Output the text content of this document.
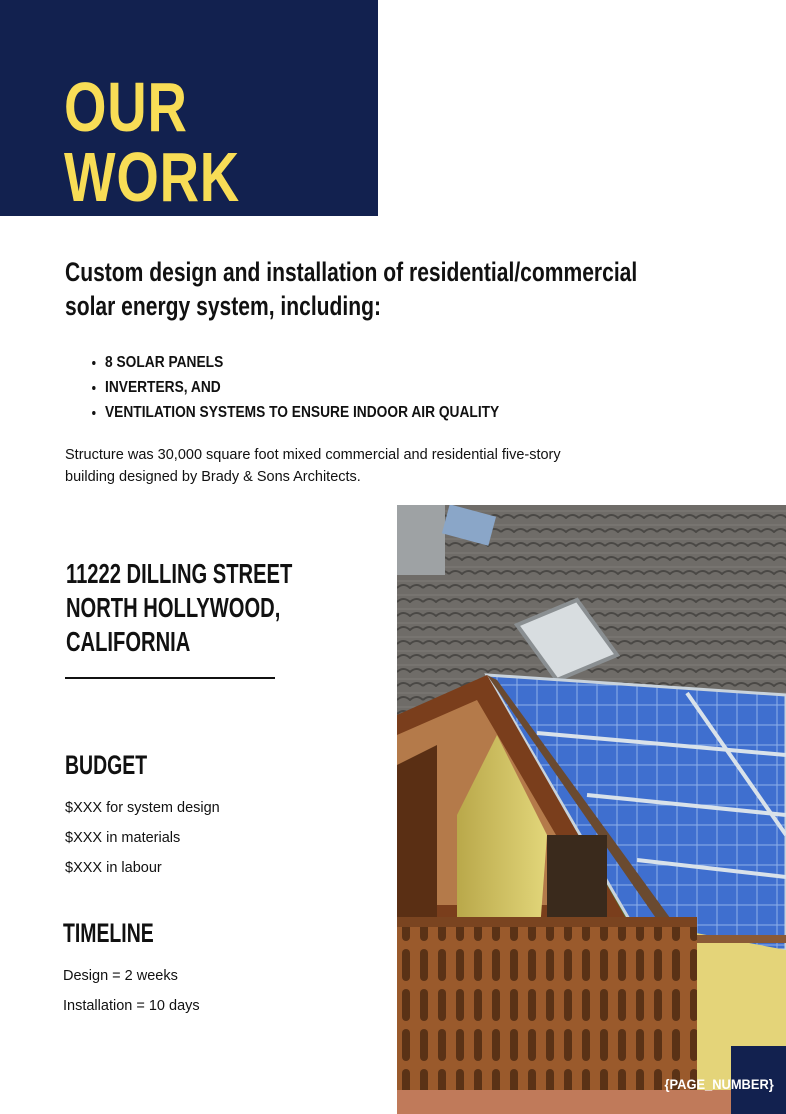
OUR
WORK
Custom design and installation of residential/commercial solar energy system, including:
• 8 SOLAR PANELS
• INVERTERS, AND
• VENTILATION SYSTEMS TO ENSURE INDOOR AIR QUALITY

Structure was 30,000 square foot mixed commercial and residential five-story building designed by Brady & Sons Architects.

11222 DILLING STREET
NORTH HOLLYWOOD,
CALIFORNIA
BUDGET
$XXX for system design
$XXX in materials
$XXX in labour
TIMELINE
Design = 2 weeks
Installation = 10 days

{PAGE_NUMBER}
